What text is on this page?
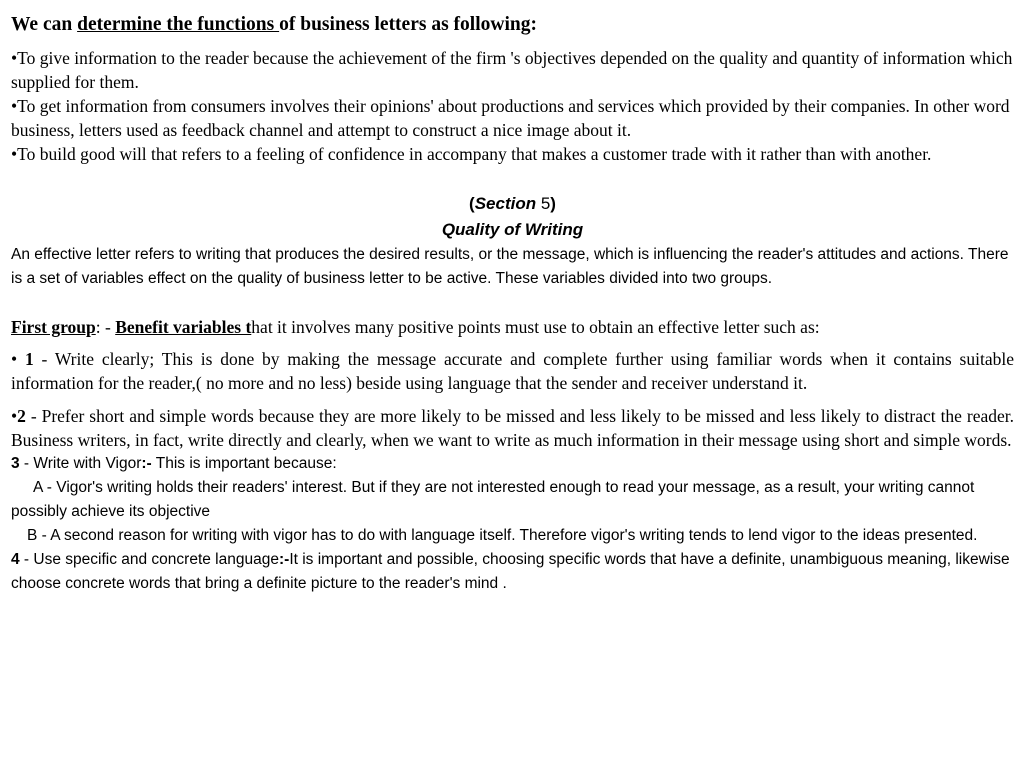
We can determine the functions of business letters as following:

•To give information to the reader because the achievement of the firm 's objectives depended on the quality and quantity of information which supplied for them.

•To get information from consumers involves their opinions' about productions and services which provided by their companies. In other word business, letters used as feedback channel and attempt to construct a nice image about it.

•To build good will that refers to a feeling of confidence in accompany that makes a customer trade with it rather than with another.

(Section 5)
Quality of Writing

An effective letter refers to writing that produces the desired results, or the message, which is influencing the reader's attitudes and actions. There is a set of variables effect on the quality of business letter to be active. These variables divided into two groups.

First group: - Benefit variables that it involves many positive points must use to obtain an effective letter such as:

• 1 - Write clearly; This is done by making the message accurate and complete further using familiar words when it contains suitable information for the reader,( no more and no less) beside using language that the sender and receiver understand it.

•2 - Prefer short and simple words because they are more likely to be missed and less likely to be missed and less likely to distract the reader. Business writers, in fact, write directly and clearly, when we want to write as much information in their message using short and simple words.

3 - Write with Vigor:- This is important because:

A - Vigor's writing holds their readers' interest. But if they are not interested enough to read your message, as a result, your writing cannot possibly achieve its objective

B - A second reason for writing with vigor has to do with language itself. Therefore vigor's writing tends to lend vigor to the ideas presented.

4 - Use specific and concrete language:-It is important and possible, choosing specific words that have a definite, unambiguous meaning, likewise choose concrete words that bring a definite picture to the reader's mind .
